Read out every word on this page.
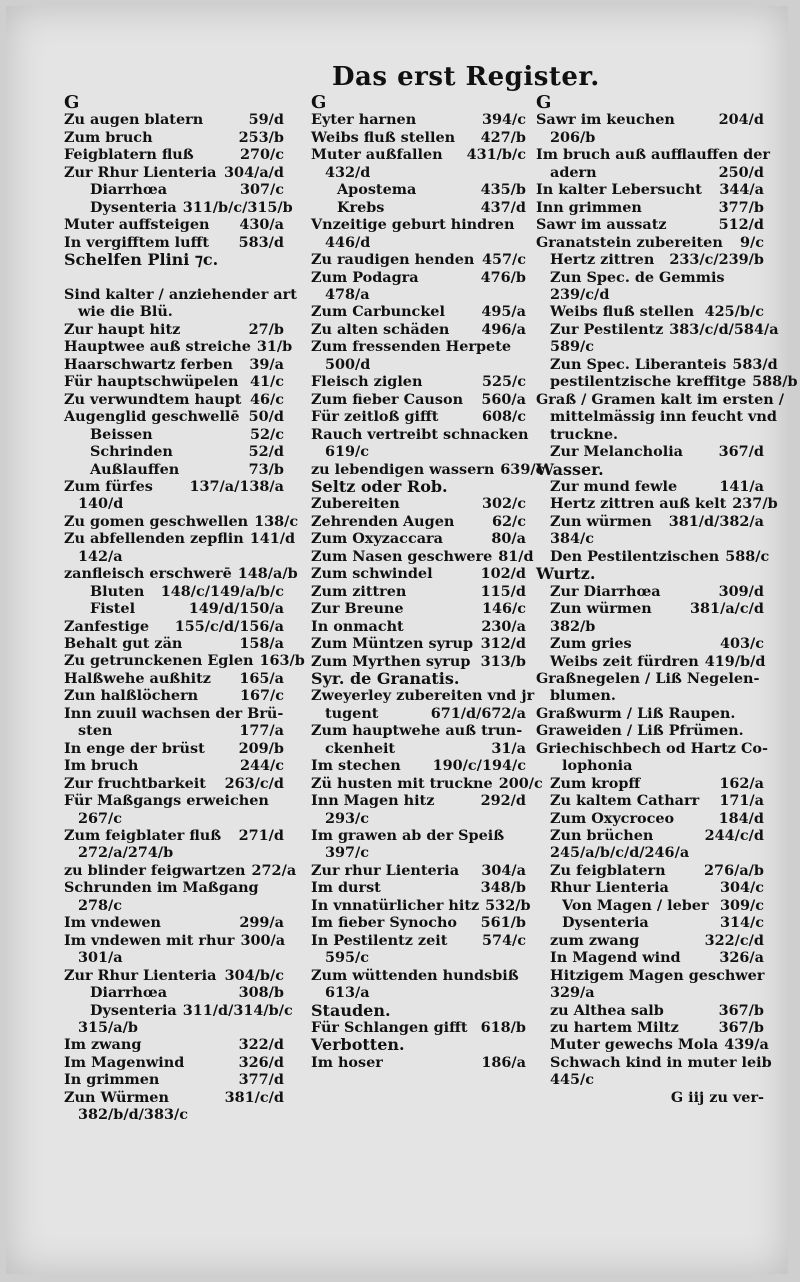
Das erst Register.
G
Zu augen blatern	59/d
Zum bruch	253/b
Feigblatern fluß	270/c
Zur Rhur Lienteria 304/a/d
Diarrhœa	307/c
Dysenteria 311/b/c/315/b
Muter auffsteigen	430/a
In vergifftem lufft	583/d
Schelfen Plini ⁊c.
Sind kalter / anziehender art
wie die Blü.
Zur haupt hitz	27/b
Hauptwee auß streiche 31/b
Haarschwartz ferben	39/a
Für hauptschwüpelen 41/c
Zu verwundtem haupt 46/c
Augenglid geschwellē 50/d
Beissen	52/c
Schrinden	52/d
Außlauffen	73/b
Zum fürfes	137/a/138/a
140/d
Zu gomen geschwellen 138/c
Zu abfellenden zepflin 141/d
142/a
zanfleisch erschwerē 148/a/b
Bluten	148/c/149/a/b/c
Fistel	149/d/150/a
Zanfestige	155/c/d/156/a
Behalt gut zän	158/a
Zu getrunckenen Eglen 163/b
Halßwehe außhitz	165/a
Zun halßlöchern	167/c
Inn zuuil wachsen der Brü-
sten	177/a
In enge der brüst	209/b
Im bruch	244/c
Zur fruchtbarkeit	263/c/d
Für Maßgangs erweichen
267/c
Zum feigblater fluß	271/d
272/a/274/b
zu blinder feigwartzen 272/a
Schrunden im Maßgang
278/c
Im vndewen	299/a
Im vndewen mit rhur 300/a
301/a
Zur Rhur Lienteria 304/b/c
Diarrhœa	308/b
Dysenteria 311/d/314/b/c
315/a/b
Im zwang	322/d
Im Magenwind	326/d
In grimmen	377/d
Zun Würmen	381/c/d
382/b/d/383/c
G
Eyter harnen	394/c
Weibs fluß stellen	427/b
Muter außfallen	431/b/c
432/d
Apostema	435/b
Krebs	437/d
Vnzeitige geburt hindren
446/d
Zu raudigen henden 457/c
Zum Podagra	476/b
478/a
Zum Carbunckel	495/a
Zu alten schäden	496/a
Zum fressenden Herpete
500/d
Fleisch ziglen	525/c
Zum fieber Causon	560/a
Für zeitloß gifft	608/c
Rauch vertreibt schnacken
619/c
zu lebendigen wassern 639/c
Seltz oder Rob.
Zubereiten	302/c
Zehrenden Augen	62/c
Zum Oxyzaccara	80/a
Zum Nasen geschwere 81/d
Zum schwindel	102/d
Zum zittren	115/d
Zur Breune	146/c
In onmacht	230/a
Zum Müntzen syrup 312/d
Zum Myrthen syrup 313/b
Syr. de Granatis.
Zweyerley zubereiten vnd jr
tugent	671/d/672/a
Zum hauptwehe auß trun-
ckenheit	31/a
Im stechen	190/c/194/c
Zü husten mit truckne 200/c
Inn Magen hitz	292/d
293/c
Im grawen ab der Speiß
397/c
Zur rhur Lienteria	304/a
Im durst	348/b
In vnnatürlicher hitz 532/b
Im fieber Synocho	561/b
In Pestilentz zeit	574/c
595/c
Zum wüttenden hundsbiß
613/a
Stauden.
Für Schlangen gifft 618/b
Verbotten.
Im hoser	186/a
G
Sawr im keuchen	204/d
206/b
Im bruch auß aufflauffen der
adern	250/d
In kalter Lebersucht	344/a
Inn grimmen	377/b
Sawr im aussatz	512/d
Granatstein zubereiten	9/c
Hertz zittren	233/c/239/b
Zun Spec. de Gemmis
239/c/d
Weibs fluß stellen 425/b/c
Zur Pestilentz 383/c/d/584/a
589/c
Zun Spec. Liberanteis 583/d
pestilentzische kreffitge 588/b
Graß / Gramen kalt im ersten /
mittelmässig inn feucht vnd
truckne.
Zur Melancholia	367/d
Wasser.
Zur mund fewle	141/a
Hertz zittren auß kelt 237/b
Zun würmen	381/d/382/a
384/c
Den Pestilentzischen 588/c
Wurtz.
Zur Diarrhœa	309/d
Zun würmen	381/a/c/d
382/b
Zum gries	403/c
Weibs zeit fürdren 419/b/d
Graßnegelen / Liß Negelen-
blumen.
Graßwurm / Liß Raupen.
Graweiden / Liß Pfrümen.
Griechischbech od Hartz Co-
lophonia
Zum kropff	162/a
Zu kaltem Catharr	171/a
Zum Oxycroceo	184/d
Zun brüchen	244/c/d
245/a/b/c/d/246/a
Zu feigblatern	276/a/b
Rhur Lienteria	304/c
Von Magen / leber 309/c
Dysenteria	314/c
zum zwang	322/c/d
In Magend wind	326/a
Hitzigem Magen geschwer
329/a
zu Althea salb	367/b
zu hartem Miltz	367/b
Muter gewechs Mola 439/a
Schwach kind in muter leib
445/c
G iij zu ver-
